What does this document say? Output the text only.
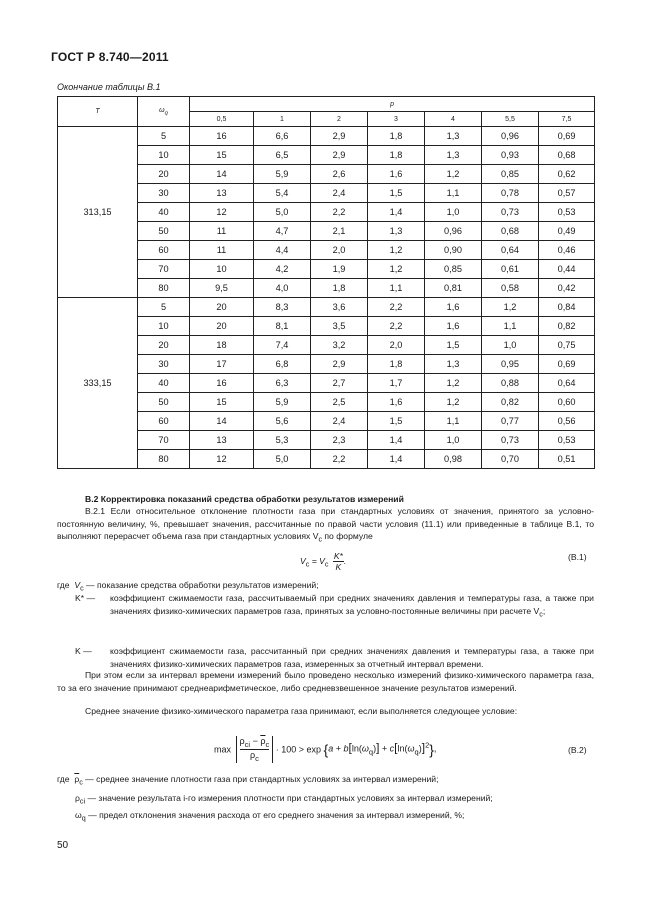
ГОСТ Р 8.740—2011
Окончание таблицы В.1
T	$\omega_q$	p						
		0,5	1	2	3	4	5,5	7,5
313,15	5	16	6,6	2,9	1,8	1,3	0,96	0,69
	10	15	6,5	2,9	1,8	1,3	0,93	0,68
	20	14	5,9	2,6	1,6	1,2	0,85	0,62
	30	13	5,4	2,4	1,5	1,1	0,78	0,57
	40	12	5,0	2,2	1,4	1,0	0,73	0,53
	50	11	4,7	2,1	1,3	0,96	0,68	0,49
	60	11	4,4	2,0	1,2	0,90	0,64	0,46
	70	10	4,2	1,9	1,2	0,85	0,61	0,44
	80	9,5	4,0	1,8	1,1	0,81	0,58	0,42
333,15	5	20	8,3	3,6	2,2	1,6	1,2	0,84
	10	20	8,1	3,5	2,2	1,6	1,1	0,82
	20	18	7,4	3,2	2,0	1,5	1,0	0,75
	30	17	6,8	2,9	1,8	1,3	0,95	0,69
	40	16	6,3	2,7	1,7	1,2	0,88	0,64
	50	15	5,9	2,5	1,6	1,2	0,82	0,60
	60	14	5,6	2,4	1,5	1,1	0,77	0,56
	70	13	5,3	2,3	1,4	1,0	0,73	0,53
	80	12	5,0	2,2	1,4	0,98	0,70	0,51
В.2 Корректировка показаний средства обработки результатов измерений
В.2.1 Если относительное отклонение плотности газа при стандартных условиях от значения, принятого за условно-постоянную величину, %, превышает значения, рассчитанные по правой части условия (11.1) или приведенные в таблице В.1, то выполняют перерасчет объема газа при стандартных условиях $V_с$ по формуле
$V_с = V_с \frac{K*}{K}$ .	(В.1)
где $V_с$ — показание средства обработки результатов измерений;
K* — коэффициент сжимаемости газа, рассчитываемый при средних значениях давления и температуры газа, а также при значениях физико-химических параметров газа, принятых за условно-постоянные величины при расчете $V_с$;
K —	коэффициент сжимаемости газа, рассчитанный при средних значениях давления и температуры газа, а также при значениях физико-химических параметров газа, измеренных за отчетный интервал времени.
При этом если за интервал времени измерений было проведено несколько измерений физико-химического параметра газа, то за его значение принимают среднеарифметическое, либо средневзвешенное значение результатов измерений.
Среднее значение физико-химического параметра газа принимают, если выполняется следующее условие:
max
$\rho_{ci} - \overline{\rho}_c$
$\overline{\rho}_c$
· $100 > \exp \{a + b[\ln(\omega_q)] + c[\ln(\omega_q)]^2\}$,	(В.2)
где $\overline{\rho}_с$ — среднее значение плотности газа при стандартных условиях за интервал измерений;
$\rho_{ci}$ — значение результата i-го измерения плотности при стандартных условиях за интервал измерений;
$\omega_q$ — предел отклонения значения расхода от его среднего значения за интервал измерений, %;
50
